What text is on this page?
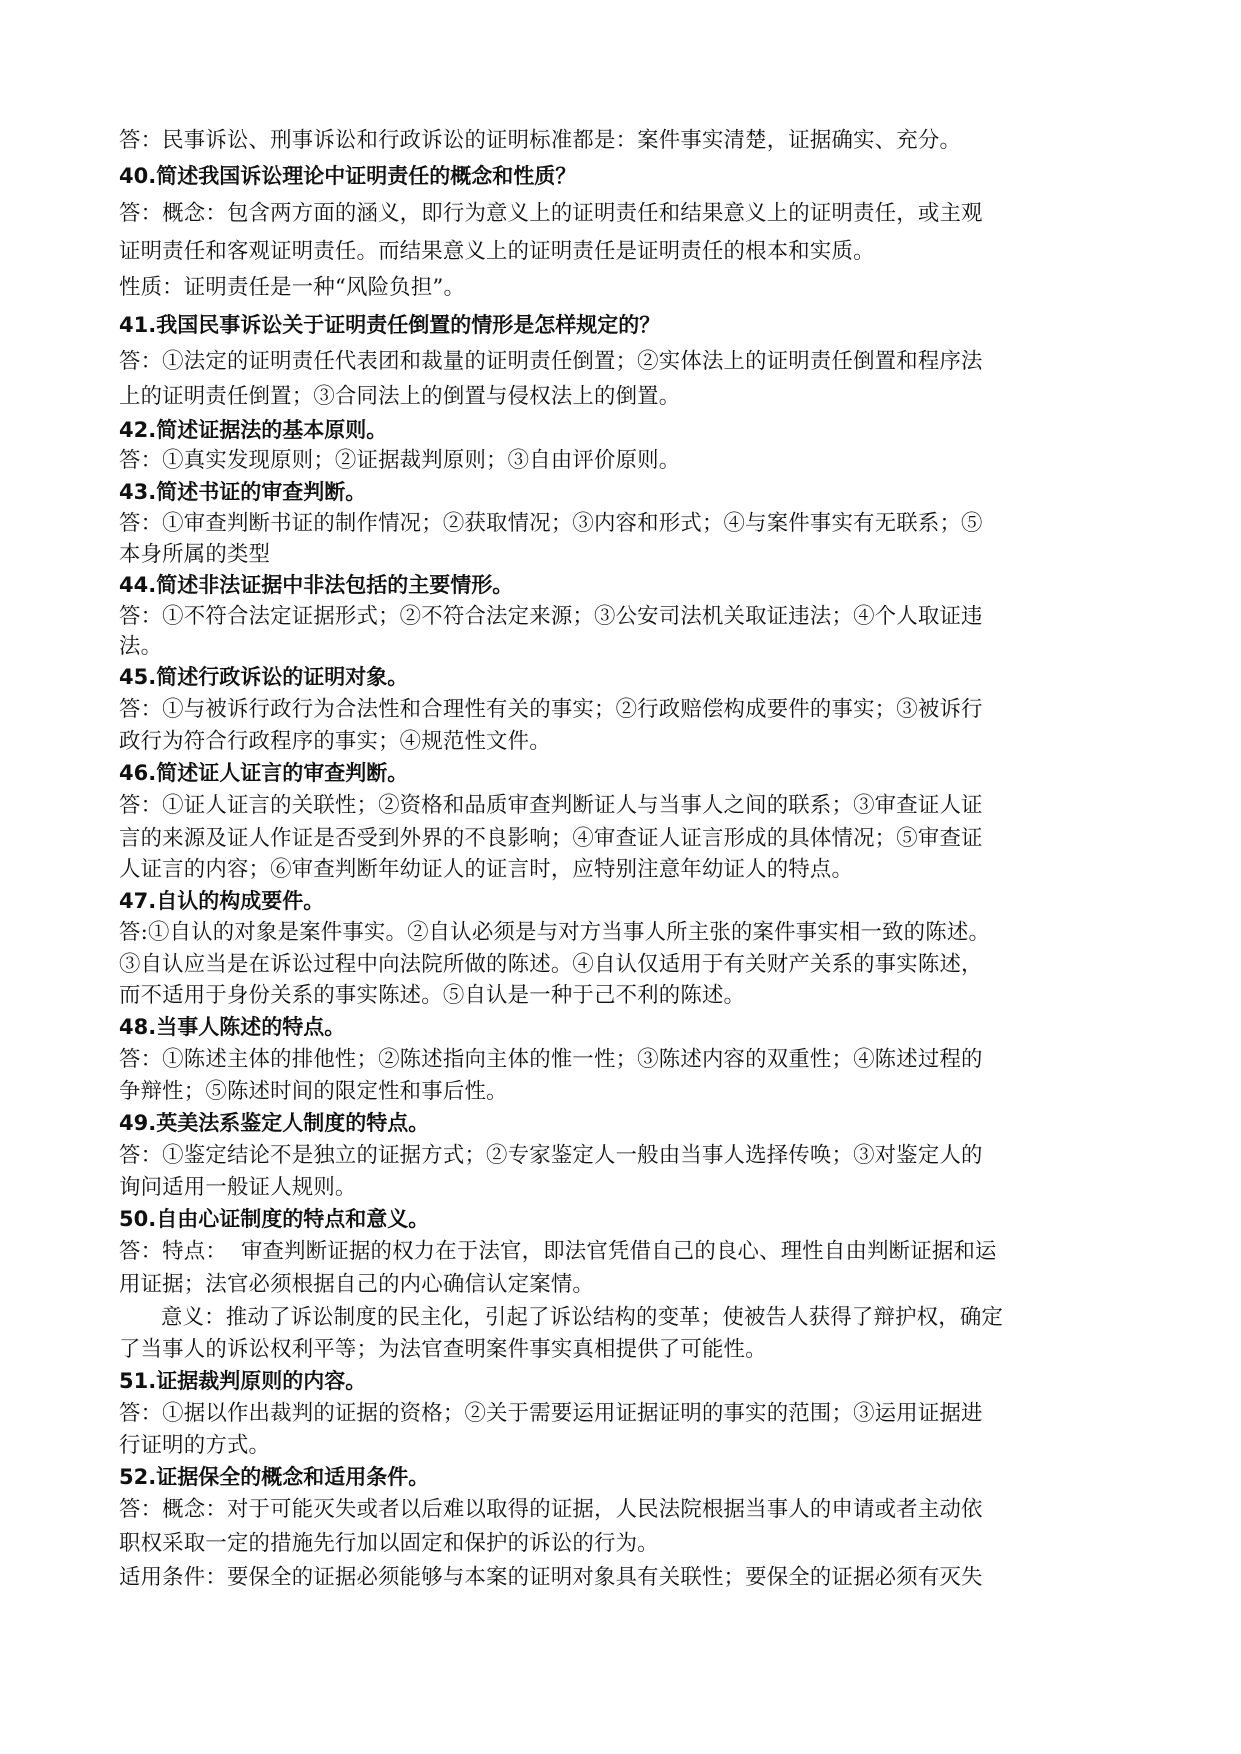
答：民事诉讼、刑事诉讼和行政诉讼的证明标准都是：案件事实清楚，证据确实、充分。

40.简述我国诉讼理论中证明责任的概念和性质？

答：概念：包含两方面的涵义，即行为意义上的证明责任和结果意义上的证明责任，或主观

证明责任和客观证明责任。而结果意义上的证明责任是证明责任的根本和实质。

性质：证明责任是一种“风险负担”。

41.我国民事诉讼关于证明责任倒置的情形是怎样规定的？

答：①法定的证明责任代表团和裁量的证明责任倒置；②实体法上的证明责任倒置和程序法

上的证明责任倒置；③合同法上的倒置与侵权法上的倒置。

42.简述证据法的基本原则。

答：①真实发现原则；②证据裁判原则；③自由评价原则。

43.简述书证的审查判断。

答：①审查判断书证的制作情况；②获取情况；③内容和形式；④与案件事实有无联系；⑤

本身所属的类型

44.简述非法证据中非法包括的主要情形。

答：①不符合法定证据形式；②不符合法定来源；③公安司法机关取证违法；④个人取证违

法。

45.简述行政诉讼的证明对象。

答：①与被诉行政行为合法性和合理性有关的事实；②行政赔偿构成要件的事实；③被诉行

政行为符合行政程序的事实；④规范性文件。

46.简述证人证言的审查判断。

答：①证人证言的关联性；②资格和品质审查判断证人与当事人之间的联系；③审查证人证

言的来源及证人作证是否受到外界的不良影响；④审查证人证言形成的具体情况；⑤审查证

人证言的内容；⑥审查判断年幼证人的证言时，应特别注意年幼证人的特点。

47.自认的构成要件。

答:①自认的对象是案件事实。②自认必须是与对方当事人所主张的案件事实相一致的陈述。

③自认应当是在诉讼过程中向法院所做的陈述。④自认仅适用于有关财产关系的事实陈述，

而不适用于身份关系的事实陈述。⑤自认是一种于己不利的陈述。

48.当事人陈述的特点。

答：①陈述主体的排他性；②陈述指向主体的惟一性；③陈述内容的双重性；④陈述过程的

争辩性；⑤陈述时间的限定性和事后性。

49.英美法系鉴定人制度的特点。

答：①鉴定结论不是独立的证据方式；②专家鉴定人一般由当事人选择传唤；③对鉴定人的

询问适用一般证人规则。

50.自由心证制度的特点和意义。

答：特点：  审查判断证据的权力在于法官，即法官凭借自己的良心、理性自由判断证据和运

用证据；法官必须根据自己的内心确信认定案情。

意义：推动了诉讼制度的民主化，引起了诉讼结构的变革；使被告人获得了辩护权，确定

了当事人的诉讼权利平等；为法官查明案件事实真相提供了可能性。

51.证据裁判原则的内容。

答：①据以作出裁判的证据的资格；②关于需要运用证据证明的事实的范围；③运用证据进

行证明的方式。

52.证据保全的概念和适用条件。

答：概念：对于可能灭失或者以后难以取得的证据，人民法院根据当事人的申请或者主动依

职权采取一定的措施先行加以固定和保护的诉讼的行为。

适用条件：要保全的证据必须能够与本案的证明对象具有关联性；要保全的证据必须有灭失
